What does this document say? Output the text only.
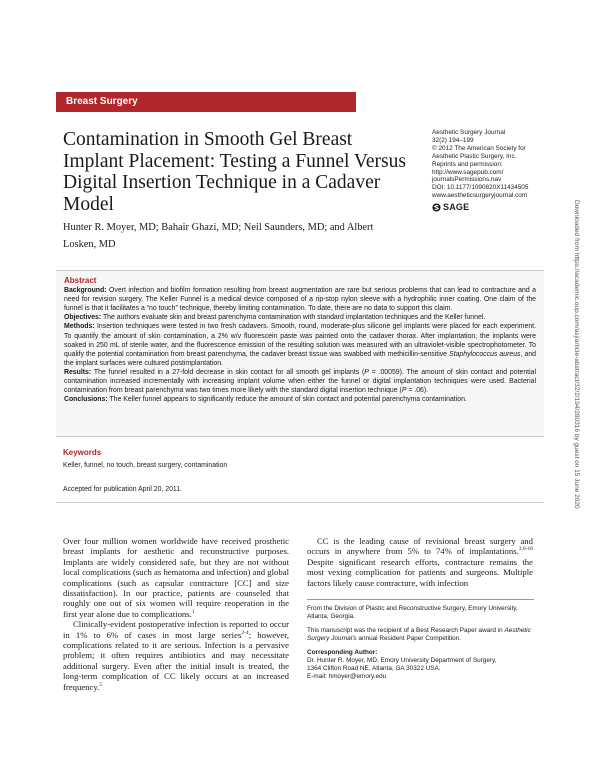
Breast Surgery
Contamination in Smooth Gel Breast Implant Placement: Testing a Funnel Versus Digital Insertion Technique in a Cadaver Model
Aesthetic Surgery Journal
32(2) 194–199
© 2012 The American Society for
Aesthetic Plastic Surgery, Inc.
Reprints and permission:
http://www.sagepub.com/
journalsPermissions.nav
DOI: 10.1177/1090820X11434505
www.aestheticsurgeryjournal.com
SAGE
Hunter R. Moyer, MD; Bahair Ghazi, MD; Neil Saunders, MD; and Albert Losken, MD	Downloaded from https://academic.oup.com/asj/article-abstract/32/2/194/280316 by guest on 15 June 2020
Abstract

Background: Overt infection and biofilm formation resulting from breast augmentation are rare but serious problems that can lead to contracture and a need for revision surgery. The Keller Funnel is a medical device composed of a rip-stop nylon sleeve with a hydrophilic inner coating. One claim of the funnel is that it facilitates a “no touch” technique, thereby limiting contamination. To date, there are no data to support this claim.

Objectives: The authors evaluate skin and breast parenchyma contamination with standard implantation techniques and the Keller funnel.

Methods: Insertion techniques were tested in two fresh cadavers. Smooth, round, moderate-plus silicone gel implants were placed for each experiment. To quantify the amount of skin contamination, a 2% w/v fluorescein paste was painted onto the cadaver thorax. After implantation, the implants were soaked in 250 mL of sterile water, and the fluorescence emission of the resulting solution was measured with an ultraviolet-visible spectrophotometer. To qualify the potential contamination from breast parenchyma, the cadaver breast tissue was swabbed with methicillin-sensitive Staphylococcus aureus, and the implant surfaces were cultured postimplantation.

Results: The funnel resulted in a 27-fold decrease in skin contact for all smooth gel implants (P = .00059). The amount of skin contact and potential contamination increased incrementally with increasing implant volume when either the funnel or digital implantation techniques were used. Bacterial contamination from breast parenchyma was two times more likely with the standard digital insertion technique (P = .06).

Conclusions: The Keller funnel appears to significantly reduce the amount of skin contact and potential parenchyma contamination.

Keywords
Keller, funnel, no touch, breast surgery, contamination
Accepted for publication April 20, 2011.

Over four million women worldwide have received prosthetic breast implants for aesthetic and reconstructive purposes. Implants are widely considered safe, but they are not without local complications (such as hematoma and infection) and global complications (such as capsular contracture [CC] and size dissatisfaction). In our practice, patients are counseled that roughly one out of six women will require reoperation in the first year alone due to complications.$^1$

Clinically-evident postoperative infection is reported to occur in 1% to 6% of cases in most large series$^{2-4}$; however, complications related to it are serious. Infection is a pervasive problem; it often requires antibiotics and may necessitate additional surgery. Even after the initial insult is treated, the long-term complication of CC likely occurs at an increased frequency.$^5$

CC is the leading cause of revisional breast surgery and occurs in anywhere from 5% to 74% of implantations.$^{3,6-16}$ Despite significant research efforts, contracture remains the most vexing complication for patients and surgeons. Multiple factors likely cause contracture, with infection

From the Division of Plastic and Reconstructive Surgery, Emory University, Atlanta, Georgia.

This manuscript was the recipient of a Best Research Paper award in Aesthetic Surgery Journal’s annual Resident Paper Competition.

Corresponding Author:

Dr. Hunter R. Moyer, MD, Emory University Department of Surgery,

1364 Clifton Road NE, Atlanta, GA 30322 USA.

E-mail: hmoyer@emory.edu
